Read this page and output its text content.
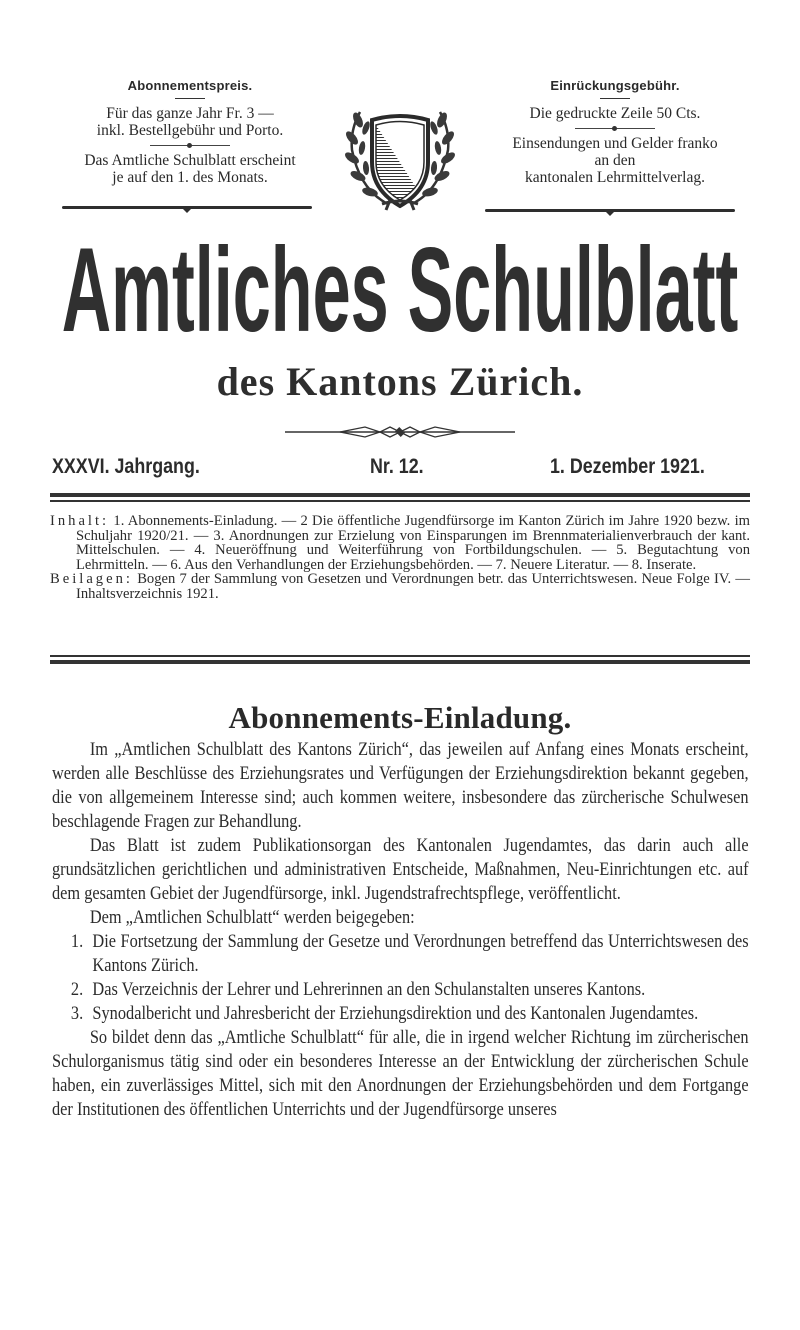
Abonnementspreis.
Für das ganze Jahr Fr. 3 —
inkl. Bestellgebühr und Porto.
Das Amtliche Schulblatt erscheint
je auf den 1. des Monats.
Einrückungsgebühr.
Die gedruckte Zeile 50 Cts.
Einsendungen und Gelder franko
an den
kantonalen Lehrmittelverlag.
Amtliches Schulblatt
des Kantons Zürich.
XXXVI. Jahrgang.	Nr. 12.	1. Dezember 1921.

Inhalt: 1. Abonnements-Einladung. — 2 Die öffentliche Jugendfürsorge im Kanton Zürich im Jahre 1920 bezw. im Schuljahr 1920/21. — 3. Anordnungen zur Erzielung von Einsparungen im Brennmaterialienverbrauch der kant. Mittelschulen. — 4. Neueröffnung und Weiterführung von Fortbildungschulen. — 5. Begutachtung von Lehrmitteln. — 6. Aus den Verhandlungen der Erziehungsbehörden. — 7. Neuere Literatur. — 8. Inserate.

Beilagen: Bogen 7 der Sammlung von Gesetzen und Verordnungen betr. das Unterrichtswesen. Neue Folge IV. — Inhaltsverzeichnis 1921.

Abonnements-Einladung.

Im „Amtlichen Schulblatt des Kantons Zürich“, das jeweilen auf Anfang eines Monats erscheint, werden alle Beschlüsse des Erziehungsrates und Verfügungen der Erziehungsdirektion bekannt gegeben, die von allgemeinem Interesse sind; auch kommen weitere, insbesondere das zürcherische Schulwesen beschlagende Fragen zur Behandlung.

Das Blatt ist zudem Publikationsorgan des Kantonalen Jugendamtes, das darin auch alle grundsätzlichen gerichtlichen und administrativen Entscheide, Maßnahmen, Neu-Einrichtungen etc. auf dem gesamten Gebiet der Jugendfürsorge, inkl. Jugendstrafrechtspflege, veröffentlicht.

Dem „Amtlichen Schulblatt“ werden beigegeben:

1. Die Fortsetzung der Sammlung der Gesetze und Verordnungen betreffend das Unterrichtswesen des Kantons Zürich.

2. Das Verzeichnis der Lehrer und Lehrerinnen an den Schulanstalten unseres Kantons.

3. Synodalbericht und Jahresbericht der Erziehungsdirektion und des Kantonalen Jugendamtes.

So bildet denn das „Amtliche Schulblatt“ für alle, die in irgend welcher Richtung im zürcherischen Schulorganismus tätig sind oder ein besonderes Interesse an der Entwicklung der zürcherischen Schule haben, ein zuverlässiges Mittel, sich mit den Anordnungen der Erziehungsbehörden und dem Fortgange der Institutionen des öffentlichen Unterrichts und der Jugendfürsorge unseres
